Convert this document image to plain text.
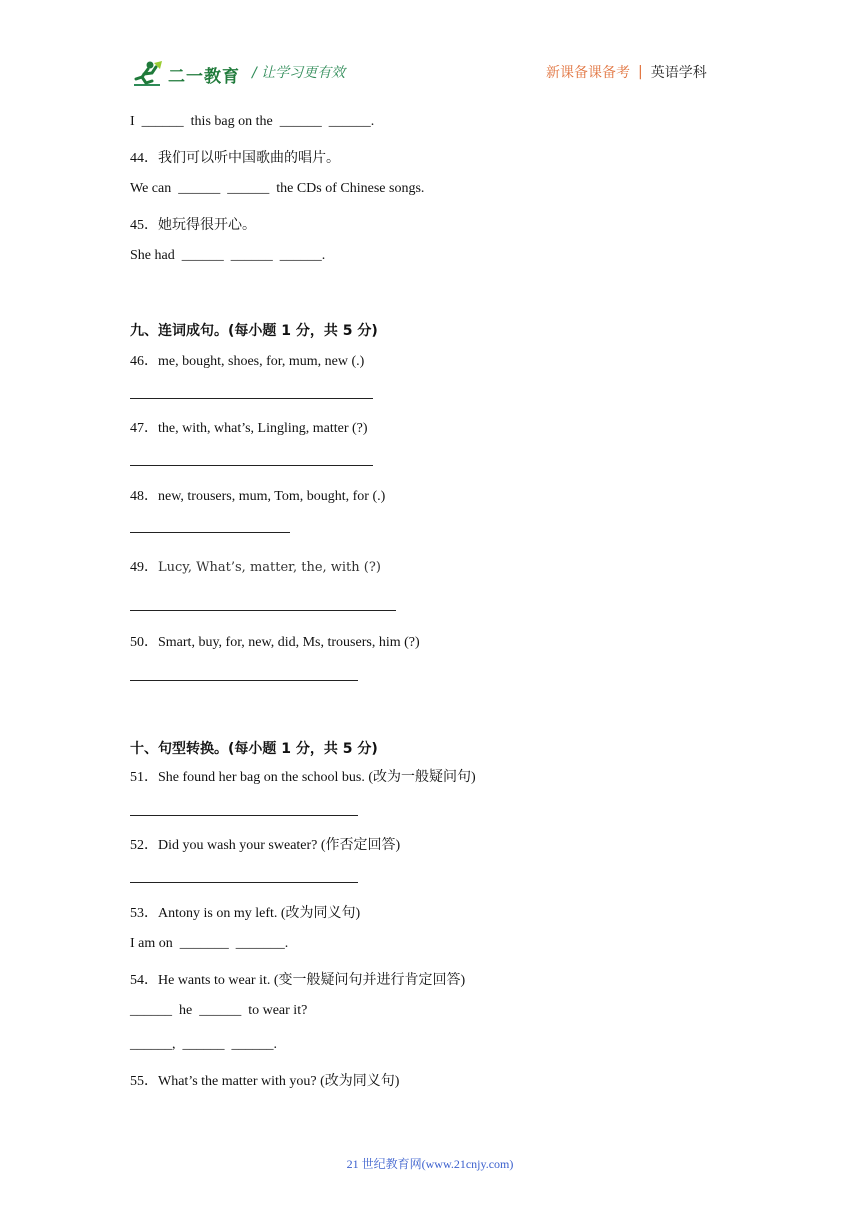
二一教育 / 让学习更有效	新课备课备考 | 英语学科
I  ______  this bag on the  ______  ______.
44．我们可以听中国歌曲的唱片。
We can  ______  ______  the CDs of Chinese songs.
45．她玩得很开心。
She had  ______  ______  ______.
九、连词成句。(每小题 1 分，共 5 分)
46．me, bought, shoes, for, mum, new (.)
47．the, with, what’s, Lingling, matter (?)
48．new, trousers, mum, Tom, bought, for (.)
49．Lucy, What’s, matter, the, with (?)
50．Smart, buy, for, new, did, Ms, trousers, him (?)
十、句型转换。(每小题 1 分，共 5 分)
51．She found her bag on the school bus. (改为一般疑问句)
52．Did you wash your sweater? (作否定回答)
53．Antony is on my left. (改为同义句)
I am on  _______  _______.
54．He wants to wear it. (变一般疑问句并进行肯定回答)
______  he  ______  to wear it?
______,  ______  ______.
55．What’s the matter with you? (改为同义句)
21 世纪教育网(www.21cnjy.com)
